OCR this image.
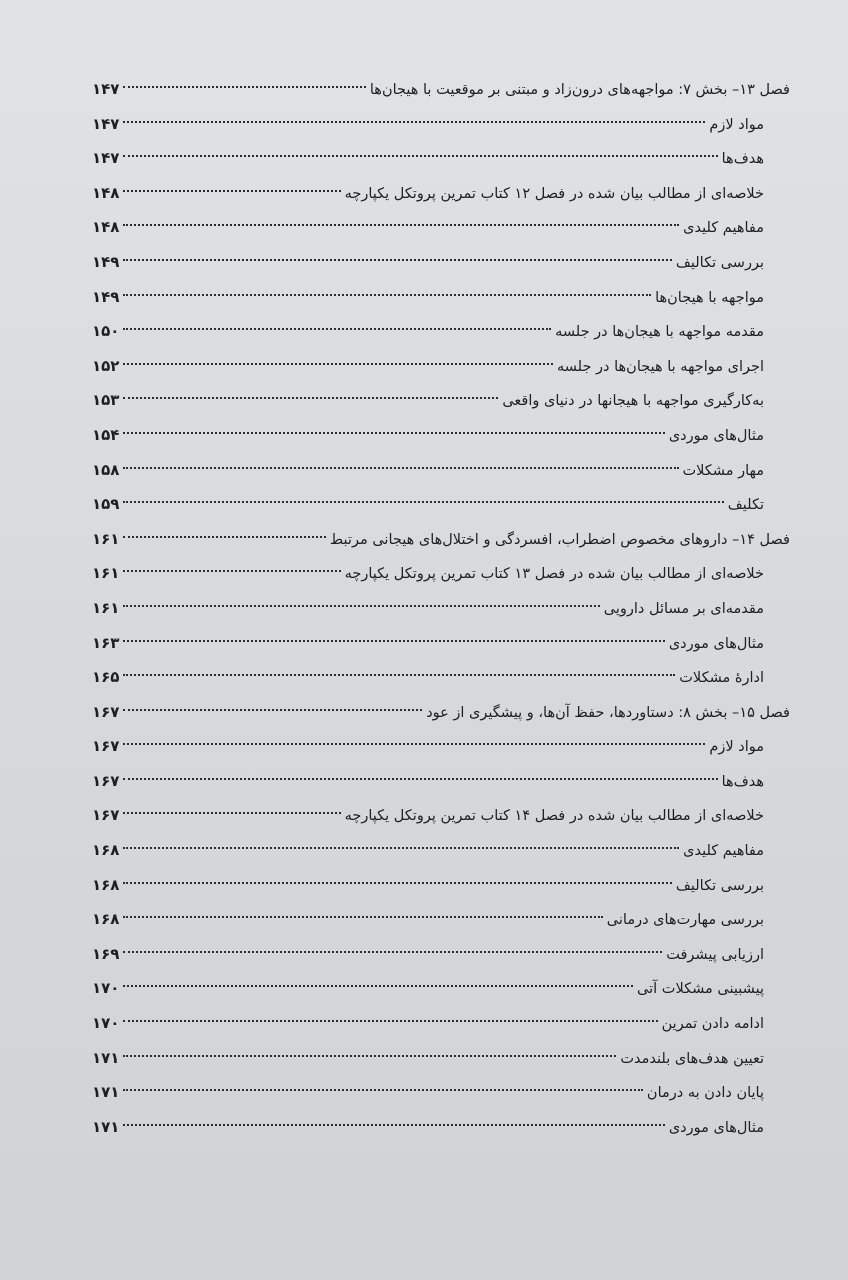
فصل ۱۳– بخش ۷: مواجهه‌های درون‌زاد و مبتنی بر موقعیت با هیجان‌ها
۱۴۷
مواد لازم
۱۴۷
هدف‌ها
۱۴۷
خلاصه‌ای از مطالب بیان شده در فصل ۱۲ کتاب تمرین پروتکل یکپارچه
۱۴۸
مفاهیم کلیدی
۱۴۸
بررسی تکالیف
۱۴۹
مواجهه با هیجان‌ها
۱۴۹
مقدمه مواجهه با هیجان‌ها در جلسه
۱۵۰
اجرای مواجهه با هیجان‌ها در جلسه
۱۵۲
به‌کارگیری مواجهه با هیجانها در دنیای واقعی
۱۵۳
مثال‌های موردی
۱۵۴
مهار مشکلات
۱۵۸
تکلیف
۱۵۹
فصل ۱۴– داروهای مخصوص اضطراب، افسردگی و اختلال‌های هیجانی مرتبط
۱۶۱
خلاصه‌ای از مطالب بیان شده در فصل ۱۳ کتاب تمرین پروتکل یکپارچه
۱۶۱
مقدمه‌ای بر مسائل دارویی
۱۶۱
مثال‌های موردی
۱۶۳
ادارهٔ مشکلات
۱۶۵
فصل ۱۵– بخش ۸: دستاوردها، حفظ آن‌ها، و پیشگیری از عود
۱۶۷
مواد لازم
۱۶۷
هدف‌ها
۱۶۷
خلاصه‌ای از مطالب بیان شده در فصل ۱۴ کتاب تمرین پروتکل یکپارچه
۱۶۷
مفاهیم کلیدی
۱۶۸
بررسی تکالیف
۱۶۸
بررسی مهارت‌های درمانی
۱۶۸
ارزیابی پیشرفت
۱۶۹
پیشبینی مشکلات آتی
۱۷۰
ادامه دادن تمرین
۱۷۰
تعیین هدف‌های بلندمدت
۱۷۱
پایان دادن به درمان
۱۷۱
مثال‌های موردی
۱۷۱
